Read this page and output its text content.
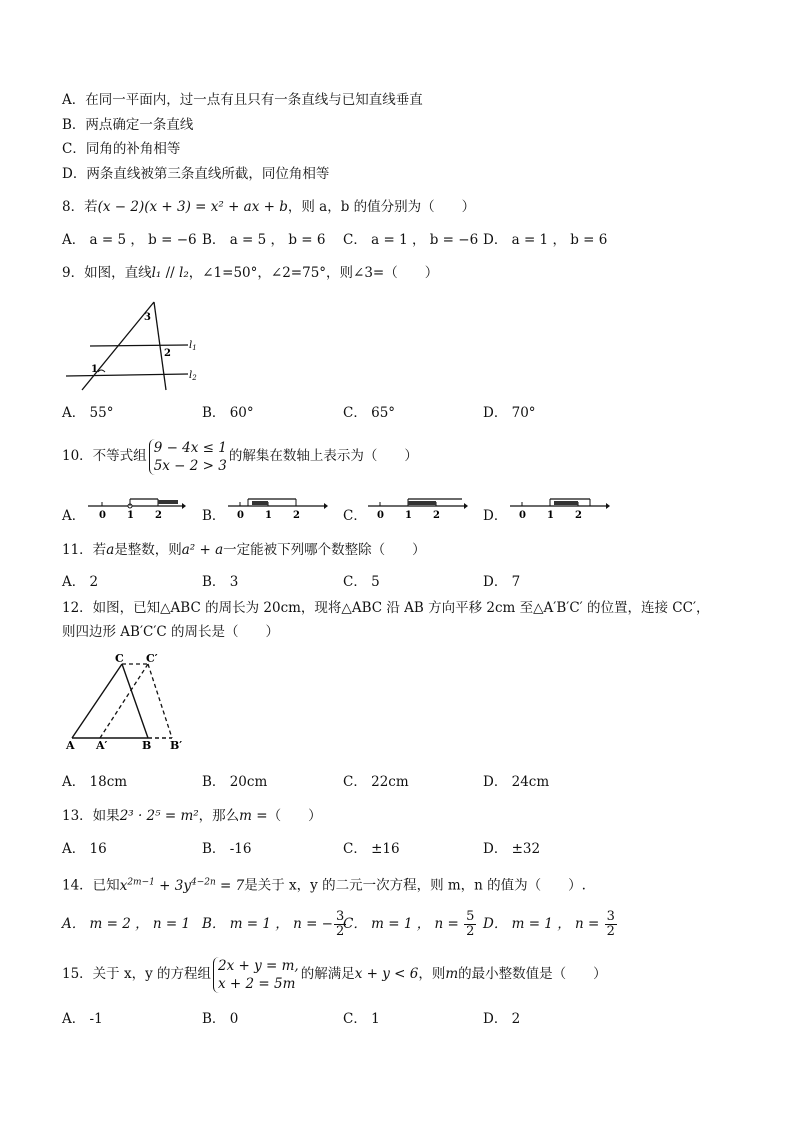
A．在同一平面内，过一点有且只有一条直线与已知直线垂直
B．两点确定一条直线
C．同角的补角相等
D．两条直线被第三条直线所截，同位角相等
8．若(x − 2)(x + 3) = x² + ax + b，则 a，b 的值分别为（　　）
A． a = 5 ， b = −6 B． a = 5 ， b = 6 C． a = 1 ， b = −6 D． a = 1 ， b = 6
9．如图，直线l₁ // l₂，∠1=50°，∠2=75°，则∠3=（　　）
1
2
3
$l_1$
$l_2$
A． 55°	B． 60°	C． 65°	D． 70°
10．不等式组
9 − 4x ≤ 1
5x − 2 > 3
的解集在数轴上表示为（　　）
A．	B．	C．	D．
0 1 2	0 1 2	0 1 2	0 1 2
11．若a是整数，则a² + a一定能被下列哪个数整除（　　）
A． 2	B． 3	C． 5	D． 7
12．如图，已知△ABC 的周长为 20cm，现将△ABC 沿 AB 方向平移 2cm 至△A′B′C′ 的位置，连接 CC′，
则四边形 AB′C′C 的周长是（　　）
C C′
A A′	B B′
A． 18cm	B． 20cm	C． 22cm	D． 24cm
13．如果2³ · 2⁵ = m²，那么m =（　　）
A． 16	B． -16	C． ±16	D． ±32
14．已知$x^{2m-1} + 3y^{4-2n} = 7$是关于 x，y 的二元一次方程，则 m，n 的值为（　　）.
A． m = 2 ， n = 1 B． m = 1 ， n = − $\frac{3}{2}$
C． m = 1 ， $n = \frac{5}{2}$ D． m = 1 ， $n = \frac{3}{2}$
15．关于 x，y 的方程组
2x + y = m,
x + 2 = 5m
的解满足x + y < 6，则m的最小整数值是（　　）
A． -1	B． 0	C． 1	D． 2
